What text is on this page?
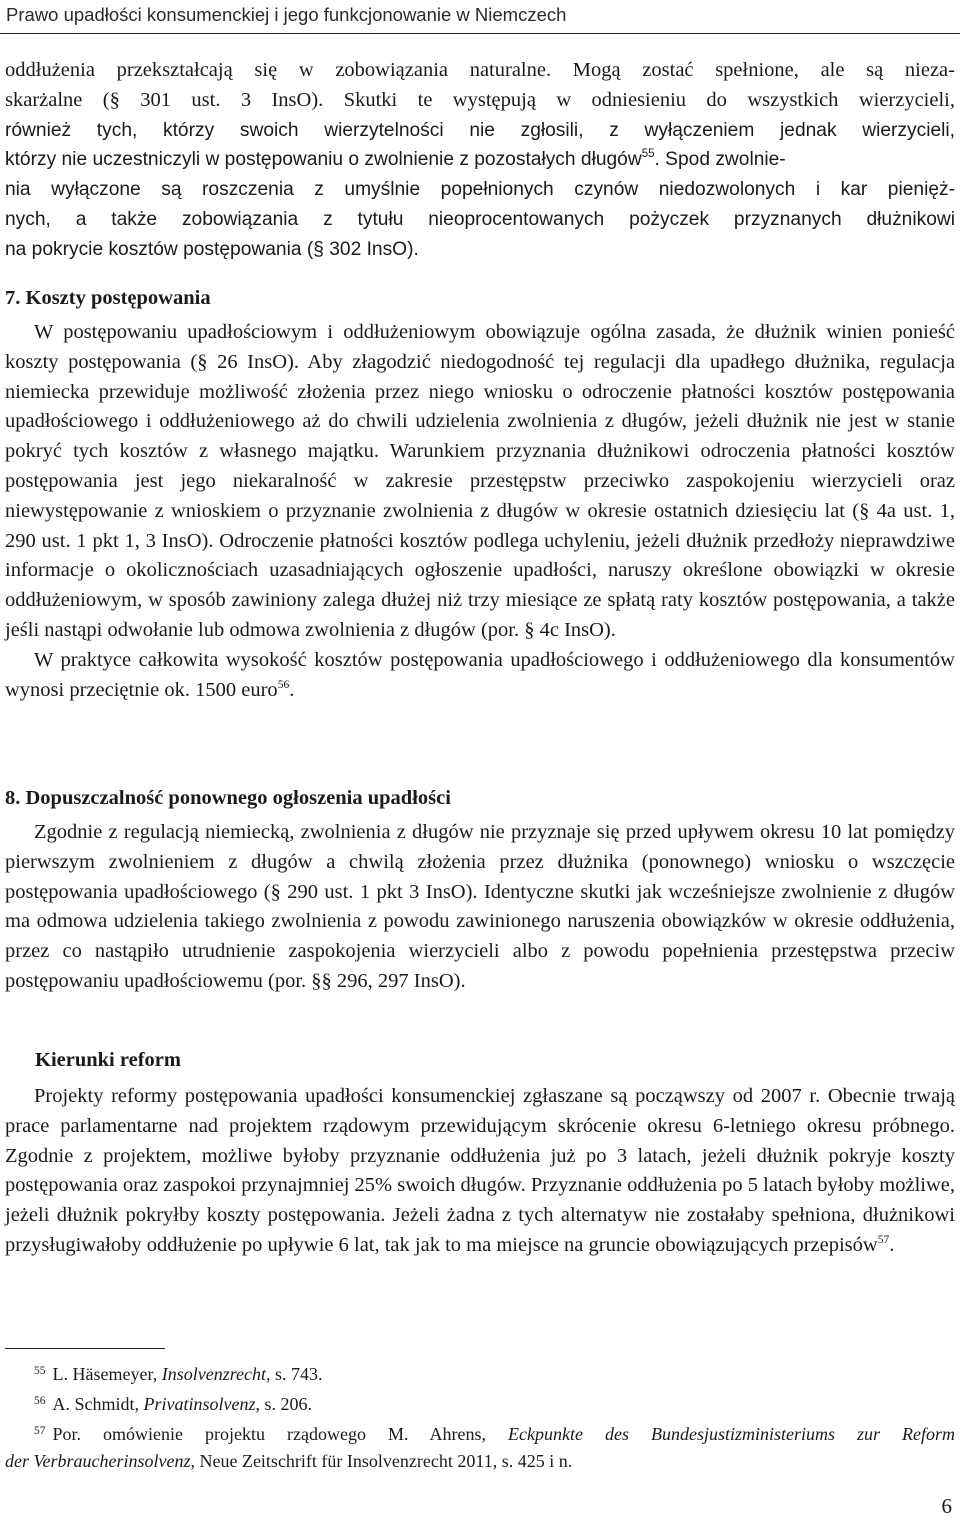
Prawo upadłości konsumenckiej i jego funkcjonowanie w Niemczech

oddłużenia przekształcają się w zobowiązania naturalne. Mogą zostać spełnione, ale są nieza-

skarżalne (§ 301 ust. 3 InsO). Skutki te występują w odniesieniu do wszystkich wierzycieli,

również tych, którzy swoich wierzytelności nie zgłosili, z wyłączeniem jednak wierzycieli,

którzy nie uczestniczyli w postępowaniu o zwolnienie z pozostałych długów$^{55}$. Spod zwolnie-

nia wyłączone są roszczenia z umyślnie popełnionych czynów niedozwolonych i kar pienięż-

nych, a także zobowiązania z tytułu nieoprocentowanych pożyczek przyznanych dłużnikowi

na pokrycie kosztów postępowania (§ 302 InsO).

7. Koszty postępowania

W postępowaniu upadłościowym i oddłużeniowym obowiązuje ogólna zasada, że dłużnik winien ponieść koszty postępowania (§ 26 InsO). Aby złagodzić niedogodność tej regulacji dla upadłego dłużnika, regulacja niemiecka przewiduje możliwość złożenia przez niego wniosku o odroczenie płatności kosztów postępowania upadłościowego i oddłużeniowego aż do chwili udzielenia zwolnienia z długów, jeżeli dłużnik nie jest w stanie pokryć tych kosztów z własnego majątku. Warunkiem przyznania dłużnikowi odroczenia płatności kosztów postępowania jest jego niekaralność w zakresie przestępstw przeciwko zaspokojeniu wierzycieli oraz niewystępowanie z wnioskiem o przyznanie zwolnienia z długów w okresie ostatnich dziesięciu lat (§ 4a ust. 1, 290 ust. 1 pkt 1, 3 InsO). Odroczenie płatności kosztów podlega uchyleniu, jeżeli dłużnik przedłoży nieprawdziwe informacje o okolicznościach uzasadniających ogłoszenie upadłości, naruszy określone obowiązki w okresie oddłużeniowym, w sposób zawiniony zalega dłużej niż trzy miesiące ze spłatą raty kosztów postępowania, a także jeśli nastąpi odwołanie lub odmowa zwolnienia z długów (por. § 4c InsO).

W praktyce całkowita wysokość kosztów postępowania upadłościowego i oddłużeniowego dla konsumentów wynosi przeciętnie ok. 1500 euro$^{56}$.

8. Dopuszczalność ponownego ogłoszenia upadłości

Zgodnie z regulacją niemiecką, zwolnienia z długów nie przyznaje się przed upływem okresu 10 lat pomiędzy pierwszym zwolnieniem z długów a chwilą złożenia przez dłużnika (ponownego) wniosku o wszczęcie postępowania upadłościowego (§ 290 ust. 1 pkt 3 InsO). Identyczne skutki jak wcześniejsze zwolnienie z długów ma odmowa udzielenia takiego zwolnienia z powodu zawinionego naruszenia obowiązków w okresie oddłużenia, przez co nastąpiło utrudnienie zaspokojenia wierzycieli albo z powodu popełnienia przestępstwa przeciw postępowaniu upadłościowemu (por. §§ 296, 297 InsO).

Kierunki reform

Projekty reformy postępowania upadłości konsumenckiej zgłaszane są począwszy od 2007 r. Obecnie trwają prace parlamentarne nad projektem rządowym przewidującym skrócenie okresu 6-letniego okresu próbnego. Zgodnie z projektem, możliwe byłoby przyznanie oddłużenia już po 3 latach, jeżeli dłużnik pokryje koszty postępowania oraz zaspokoi przynajmniej 25% swoich długów. Przyznanie oddłużenia po 5 latach byłoby możliwe, jeżeli dłużnik pokryłby koszty postępowania. Jeżeli żadna z tych alternatyw nie zostałaby spełniona, dłużnikowi przysługiwałoby oddłużenie po upływie 6 lat, tak jak to ma miejsce na gruncie obowiązujących przepisów$^{57}$.

$^{55}$ L. Häsemeyer, Insolvenzrecht, s. 743.

$^{56}$ A. Schmidt, Privatinsolvenz, s. 206.

$^{57}$ Por. omówienie projektu rządowego M. Ahrens, Eckpunkte des Bundesjustizministeriums zur Reform

der Verbraucherinsolvenz, Neue Zeitschrift für Insolvenzrecht 2011, s. 425 i n.

6
